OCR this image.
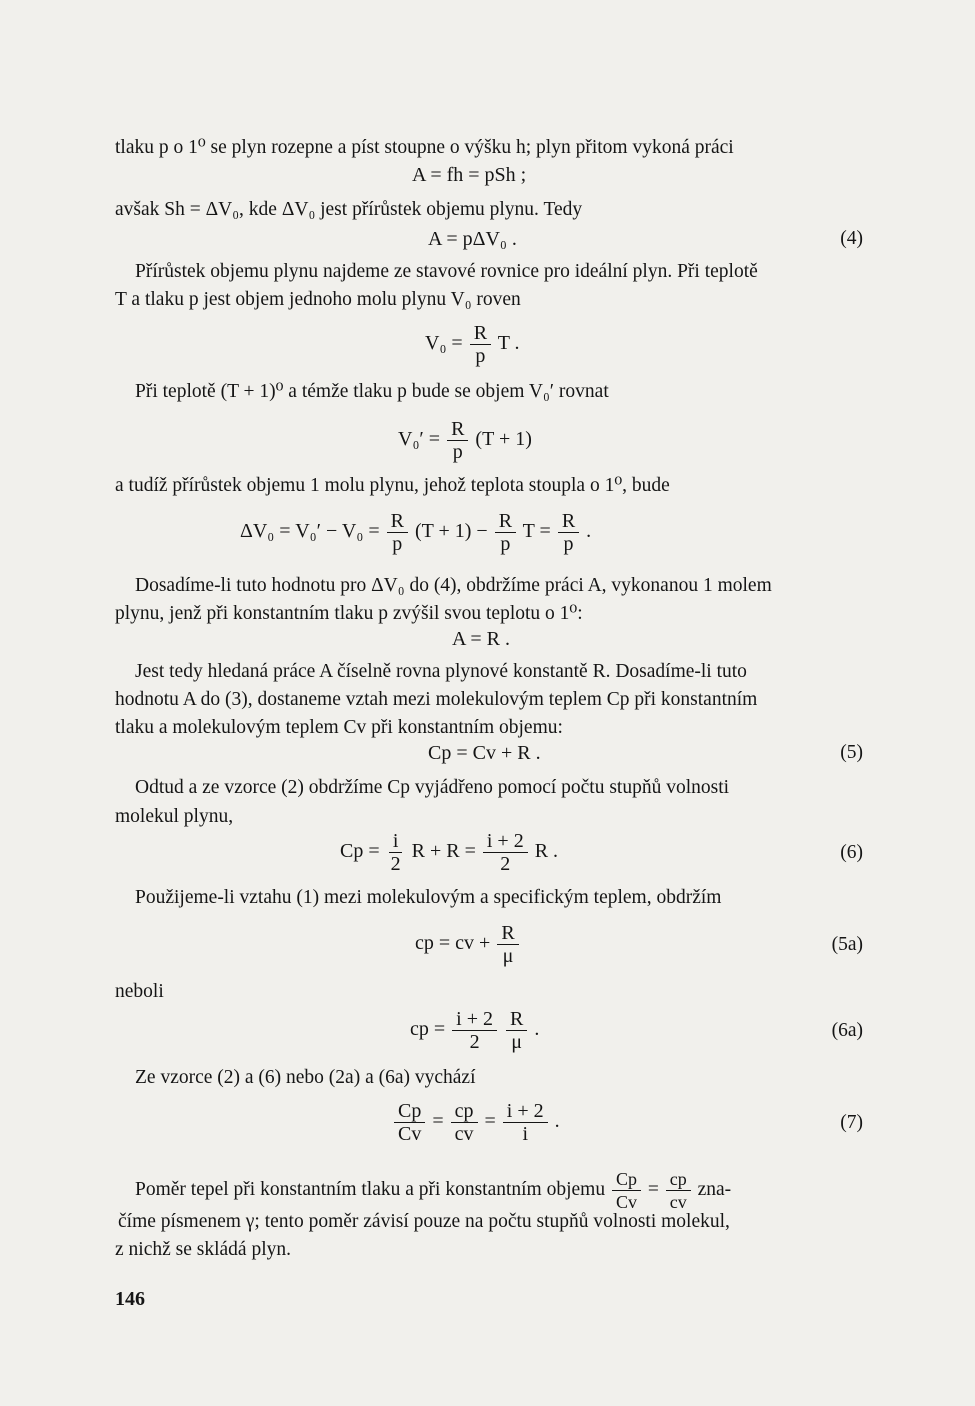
tlaku p o 1⁰ se plyn rozepne a píst stoupne o výšku h; plyn přitom vykoná práci
A = fh = pSh ;
avšak Sh = ΔV₀, kde ΔV₀ jest přírůstek objemu plynu. Tedy
A = pΔV₀ .	(4)
Přírůstek objemu plynu najdeme ze stavové rovnice pro ideální plyn. Při teplotě
T a tlaku p jest objem jednoho molu plynu V₀ roven
$V_0 = \frac{R}{p}$ T .
Při teplotě (T + 1)⁰ a témže tlaku p bude se objem V₀′ rovnat
$V_0' = \frac{R}{p} (T + 1)$
a tudíž přírůstek objemu 1 molu plynu, jehož teplota stoupla o 1⁰, bude
$\Delta V_0 = V_0' - V_0 = \frac{R}{p} (T + 1) - \frac{R}{p}$ $T = \frac{R}{p}$ .
Dosadíme-li tuto hodnotu pro ΔV₀ do (4), obdržíme práci A, vykonanou 1 molem
plynu, jenž při konstantním tlaku p zvýšil svou teplotu o 1⁰:
A = R .
Jest tedy hledaná práce A číselně rovna plynové konstantě R. Dosadíme-li tuto
hodnotu A do (3), dostaneme vztah mezi molekulovým teplem Cp při konstantním
tlaku a molekulovým teplem Cv při konstantním objemu:
Cp = Cv + R .	(5)
Odtud a ze vzorce (2) obdržíme Cp vyjádřeno pomocí počtu stupňů volnosti
molekul plynu,
$Cp = \frac{i}{2}$ $R + R = \frac{i + 2}{2}$ R .	(6)
Použijeme-li vztahu (1) mezi molekulovým a specifickým teplem, obdržím
cp = cv + $\frac{R}{\mu}$	(5a)
neboli
cp = $\frac{i + 2}{2}$
$\frac{R}{\mu}$ .	(6a)
Ze vzorce (2) a (6) nebo (2a) a (6a) vychází
$\frac{Cp}{Cv} = \frac{cp}{cv} = \frac{i + 2}{i}$ .	(7)
Poměr tepel při konstantním tlaku a při konstantním objemu $\frac{Cp}{Cv} = \frac{cp}{cv} zna-$
číme písmenem γ; tento poměr závisí pouze na počtu stupňů volnosti molekul,
z nichž se skládá plyn.
146
